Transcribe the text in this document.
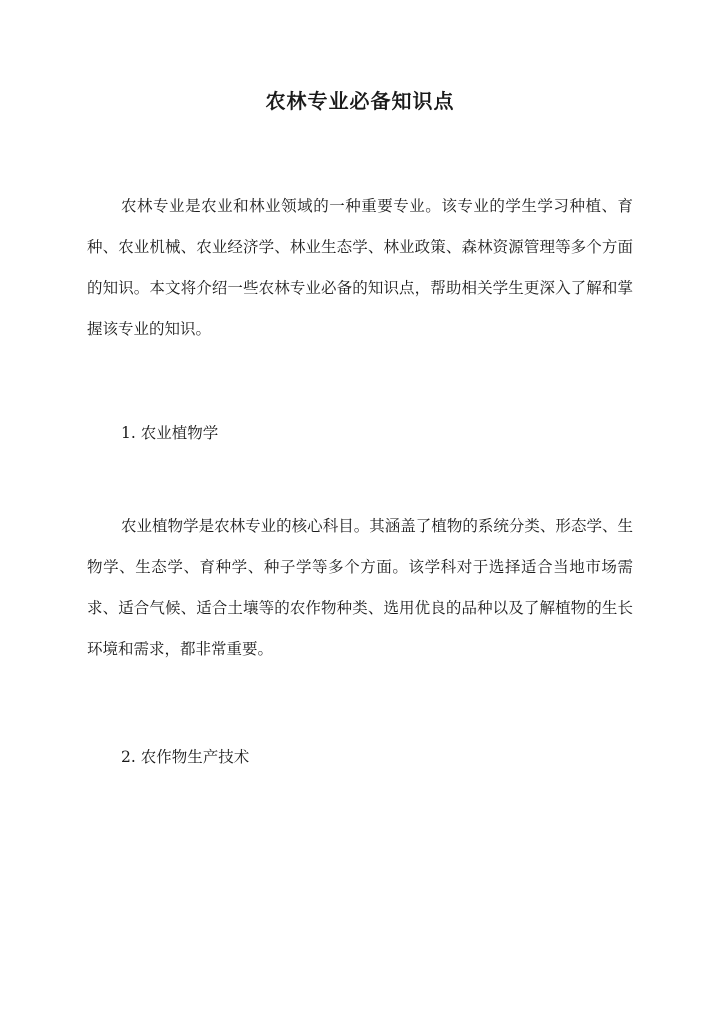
农林专业必备知识点

农林专业是农业和林业领域的一种重要专业。该专业的学生学习种植、育种、农业机械、农业经济学、林业生态学、林业政策、森林资源管理等多个方面的知识。本文将介绍一些农林专业必备的知识点，帮助相关学生更深入了解和掌握该专业的知识。

1. 农业植物学

农业植物学是农林专业的核心科目。其涵盖了植物的系统分类、形态学、生物学、生态学、育种学、种子学等多个方面。该学科对于选择适合当地市场需求、适合气候、适合土壤等的农作物种类、选用优良的品种以及了解植物的生长环境和需求，都非常重要。

2. 农作物生产技术
